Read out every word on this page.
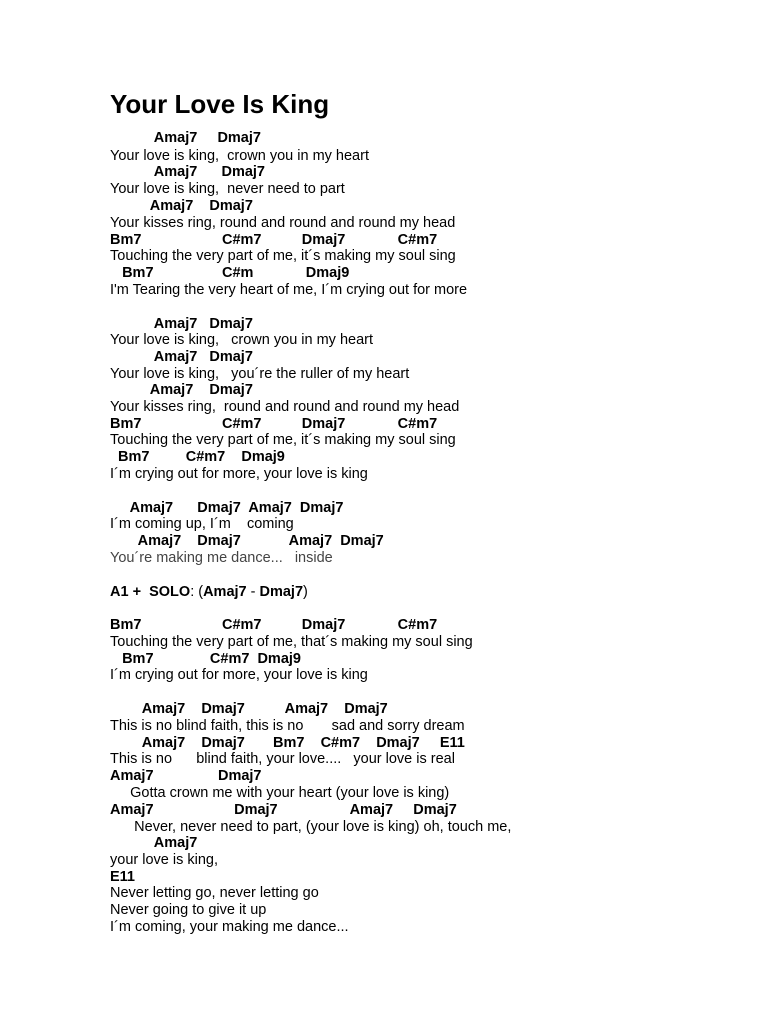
Your Love Is King
Amaj7     Dmaj7
Your love is king,  crown you in my heart
Amaj7      Dmaj7
Your love is king,  never need to part
Amaj7    Dmaj7
Your kisses ring, round and round and round my head
Bm7                    C#m7          Dmaj7             C#m7
Touching the very part of me, it´s making my soul sing
Bm7                 C#m             Dmaj9
I'm Tearing the very heart of me, I´m crying out for more
Amaj7   Dmaj7
Your love is king,   crown you in my heart
Amaj7   Dmaj7
Your love is king,   you´re the ruller of my heart
Amaj7    Dmaj7
Your kisses ring,  round and round and round my head
Bm7                    C#m7          Dmaj7             C#m7
Touching the very part of me, it´s making my soul sing
Bm7         C#m7    Dmaj9
I´m crying out for more, your love is king
Amaj7      Dmaj7  Amaj7  Dmaj7
I´m coming up, I´m    coming
Amaj7    Dmaj7            Amaj7  Dmaj7
You´re making me dance...   inside
A1 +  SOLO: (Amaj7 - Dmaj7)
Bm7                    C#m7          Dmaj7             C#m7
Touching the very part of me, that´s making my soul sing
Bm7              C#m7  Dmaj9
I´m crying out for more, your love is king
Amaj7    Dmaj7          Amaj7    Dmaj7
This is no blind faith, this is no       sad and sorry dream
Amaj7    Dmaj7       Bm7    C#m7    Dmaj7     E11
This is no      blind faith, your love....   your love is real
Amaj7                Dmaj7
Gotta crown me with your heart (your love is king)
Amaj7                    Dmaj7                  Amaj7     Dmaj7
Never, never need to part, (your love is king) oh, touch me,
Amaj7
your love is king,
E11
Never letting go, never letting go
Never going to give it up
I´m coming, your making me dance...
